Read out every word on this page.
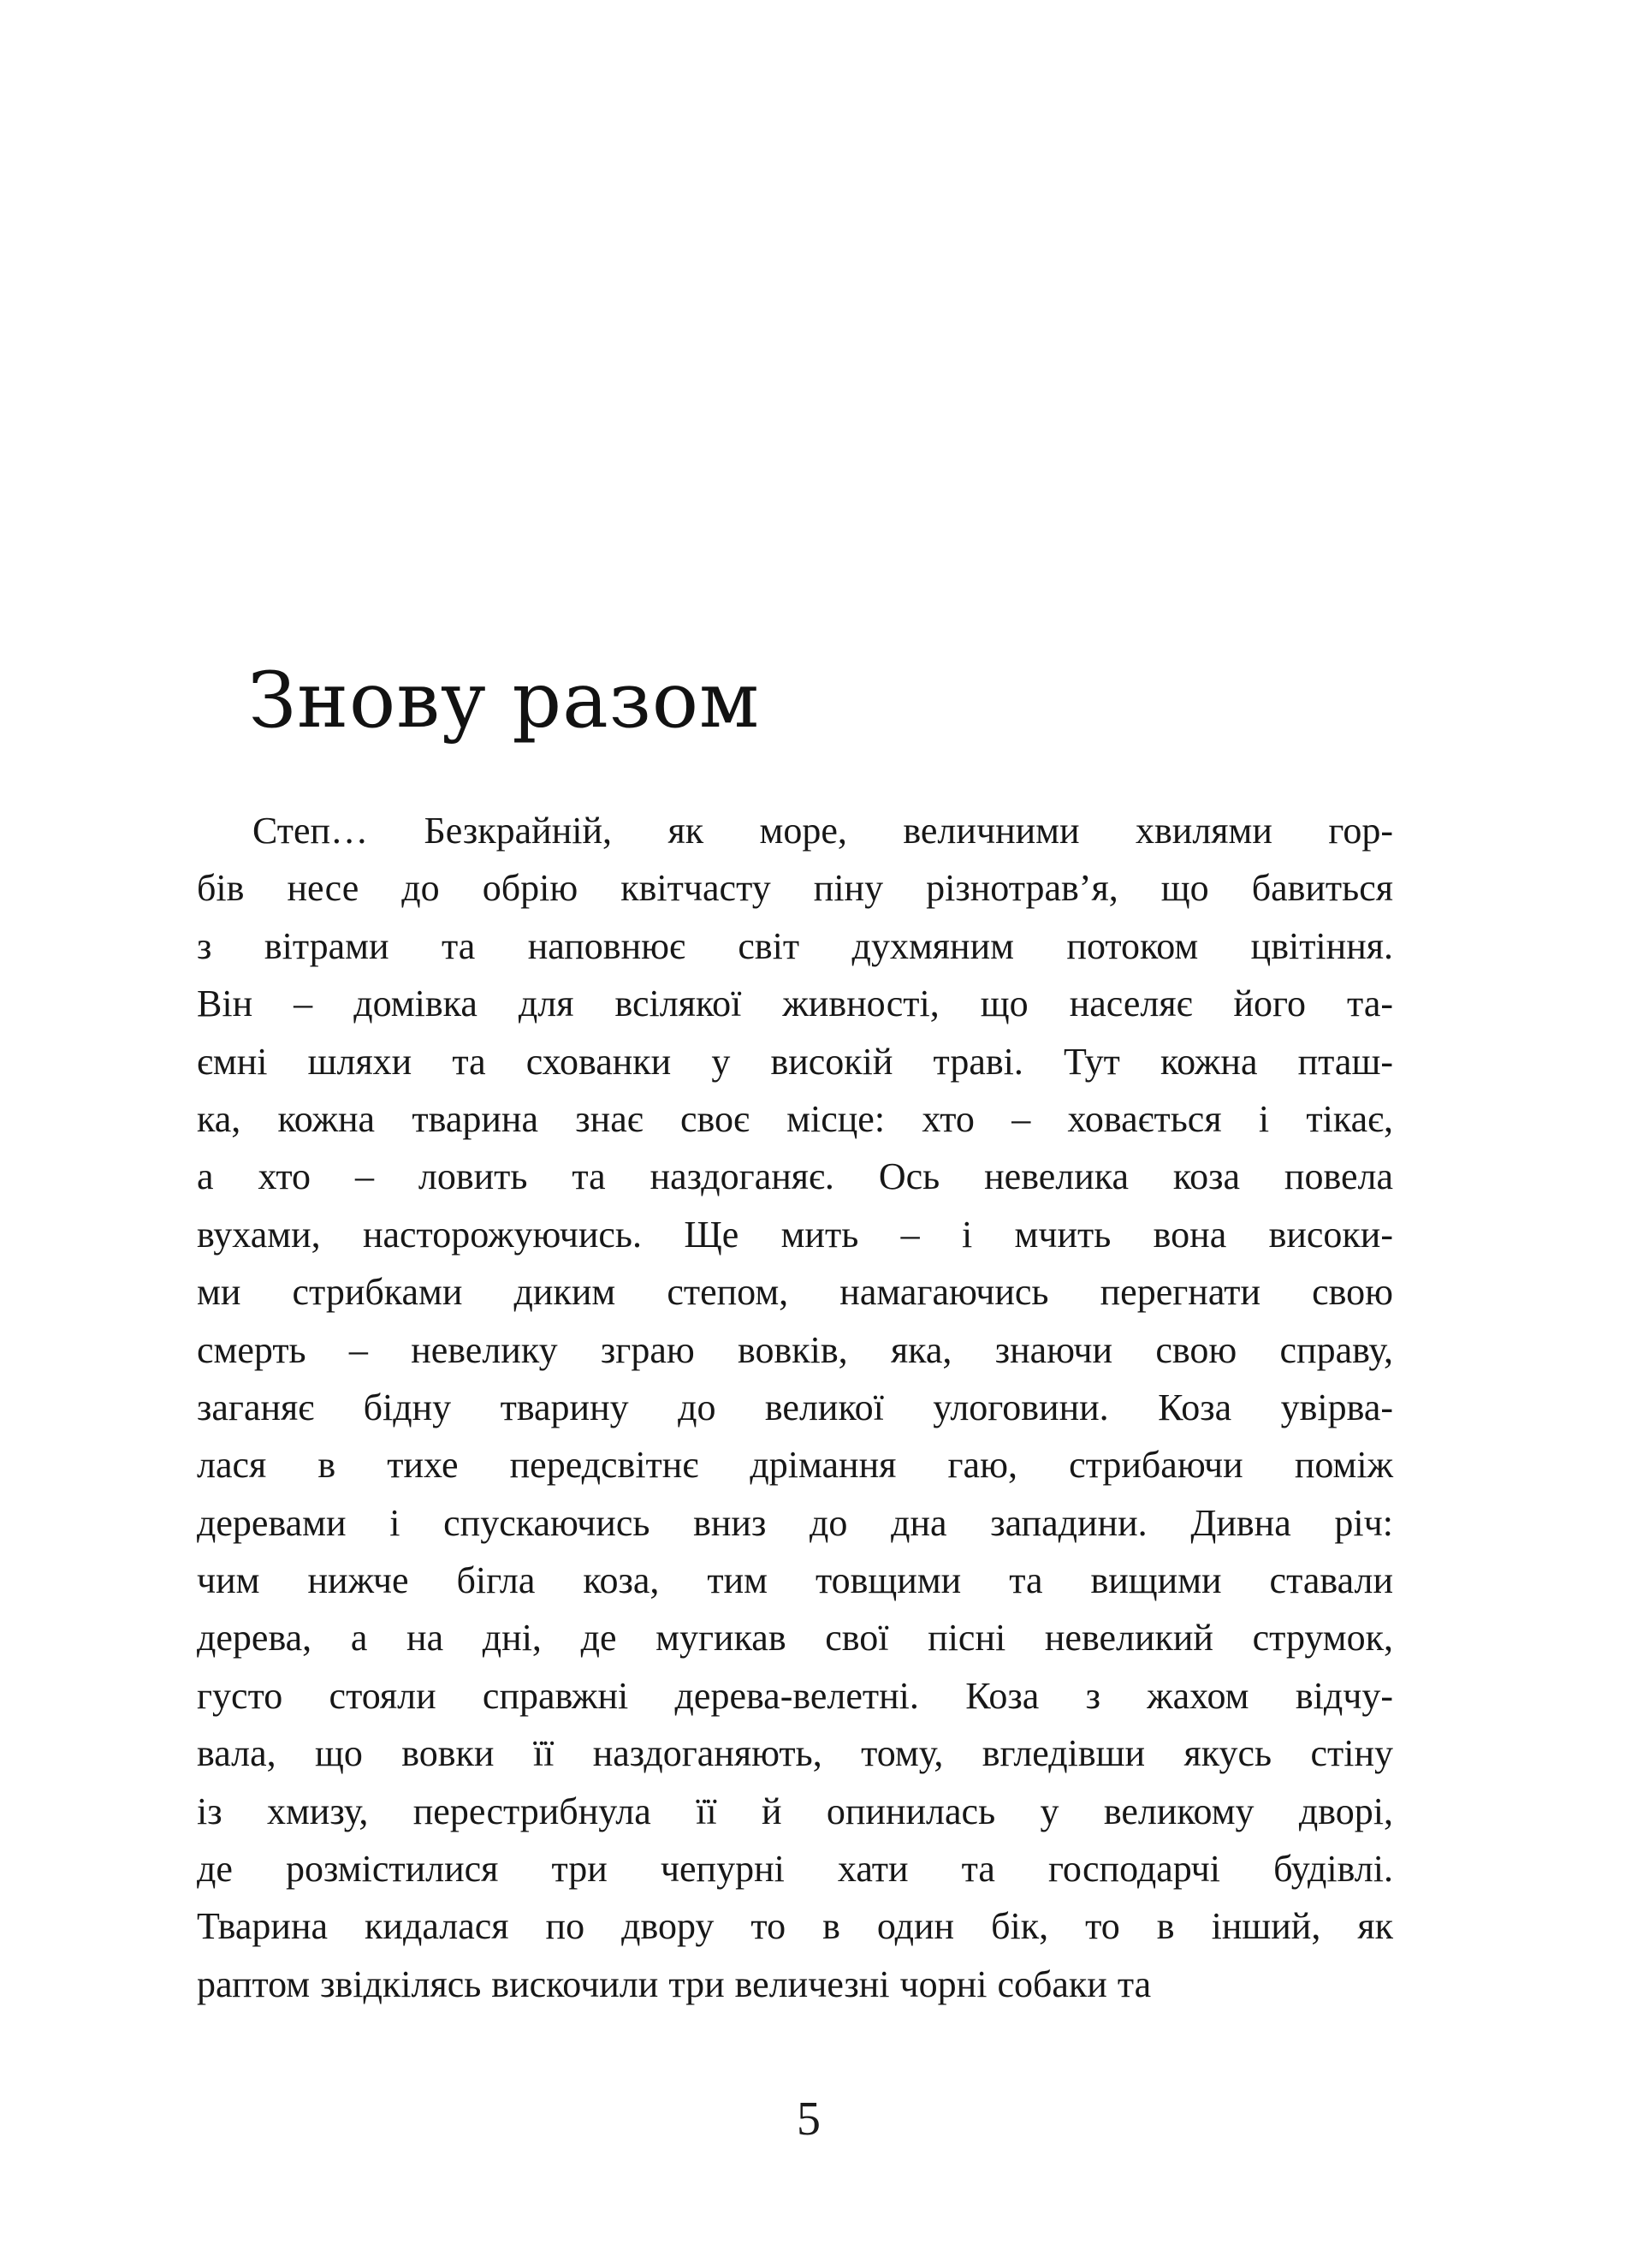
Знову разом
Степ… Безкрайній, як море, величними хвилями гор-
бів несе до обрію квітчасту піну різнотрав’я, що бавиться
з вітрами та наповнює світ духмяним потоком цвітіння.
Він – домівка для всілякої живності, що населяє його та-
ємні шляхи та схованки у високій траві. Тут кожна пташ-
ка, кожна тварина знає своє місце: хто – ховається і тікає,
а хто – ловить та наздоганяє. Ось невелика коза повела
вухами, насторожуючись. Ще мить – і мчить вона високи-
ми стрибками диким степом, намагаючись перегнати свою
смерть – невелику зграю вовків, яка, знаючи свою справу,
заганяє бідну тварину до великої улоговини. Коза увірва-
лася в тихе передсвітнє дрімання гаю, стрибаючи поміж
деревами і спускаючись вниз до дна западини. Дивна річ:
чим нижче бігла коза, тим товщими та вищими ставали
дерева, а на дні, де мугикав свої пісні невеликий струмок,
густо стояли справжні дерева-велетні. Коза з жахом відчу-
вала, що вовки її наздоганяють, тому, вгледівши якусь стіну
із хмизу, перестрибнула її й опинилась у великому дворі,
де розмістилися три чепурні хати та господарчі будівлі.
Тварина кидалася по двору то в один бік, то в інший, як
раптом звідкілясь вискочили три величезні чорні собаки та
5
